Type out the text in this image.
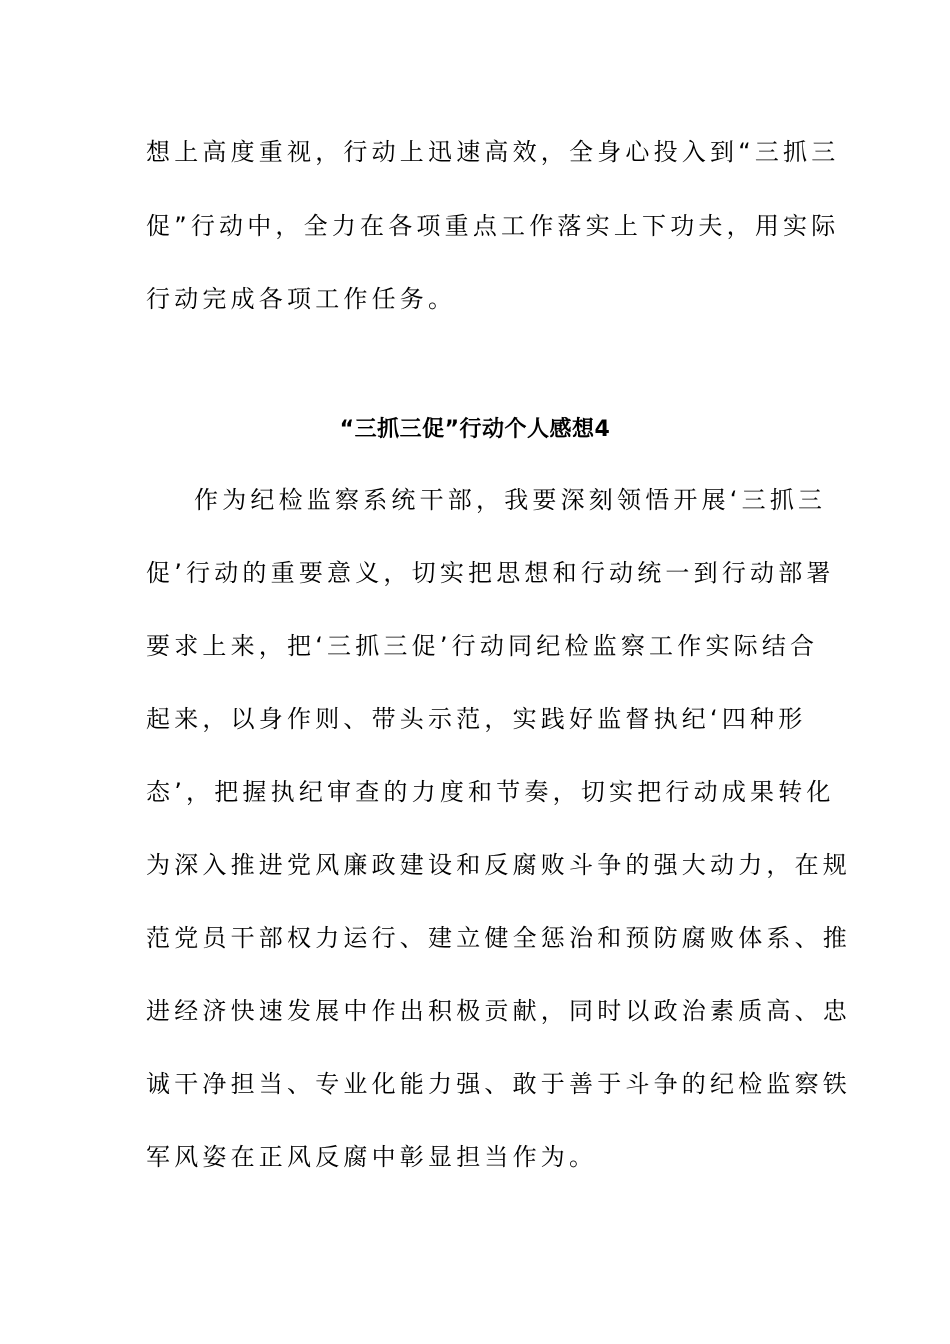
想上高度重视，行动上迅速高效，全身心投入到“三抓三
促”行动中，全力在各项重点工作落实上下功夫，用实际
行动完成各项工作任务。
“三抓三促”行动个人感想4
作为纪检监察系统干部，我要深刻领悟开展‘三抓三
促’行动的重要意义，切实把思想和行动统一到行动部署
要求上来，把‘三抓三促’行动同纪检监察工作实际结合
起来，以身作则、带头示范，实践好监督执纪‘四种形
态’，把握执纪审查的力度和节奏，切实把行动成果转化
为深入推进党风廉政建设和反腐败斗争的强大动力，在规
范党员干部权力运行、建立健全惩治和预防腐败体系、推
进经济快速发展中作出积极贡献，同时以政治素质高、忠
诚干净担当、专业化能力强、敢于善于斗争的纪检监察铁
军风姿在正风反腐中彰显担当作为。
